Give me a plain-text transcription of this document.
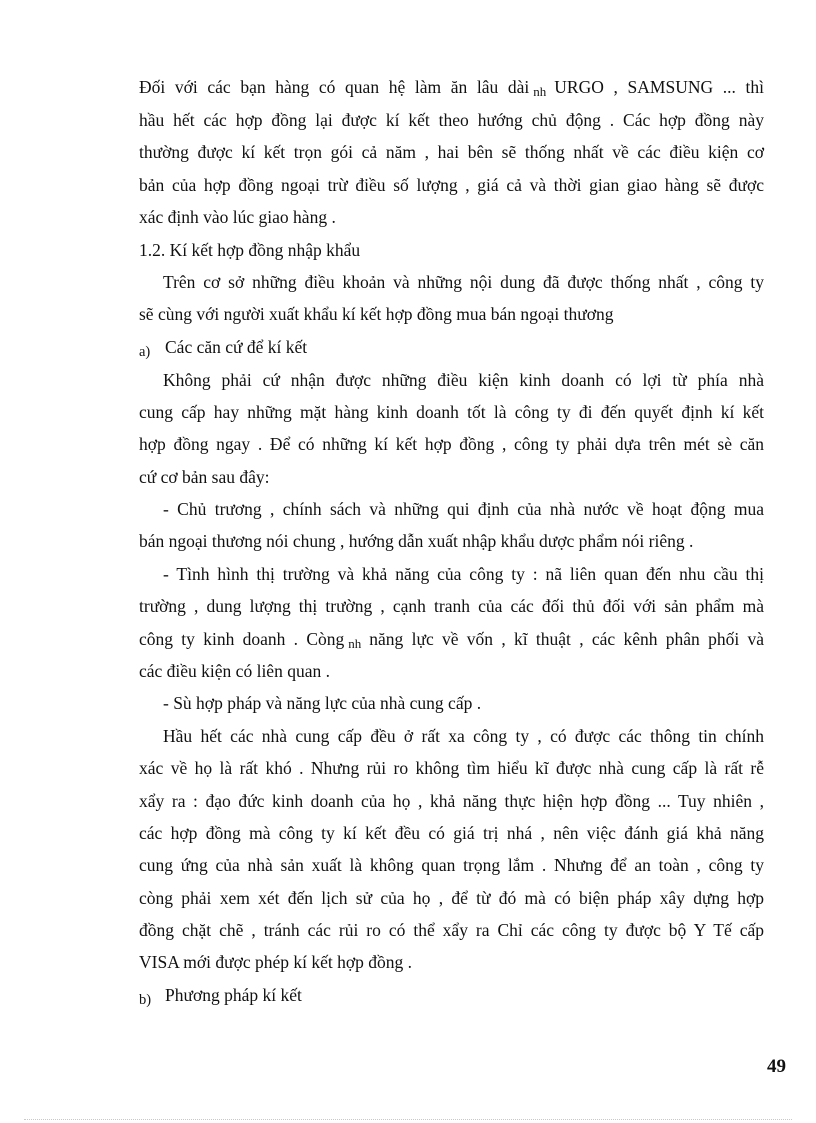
Đối với các bạn hàng có quan hệ làm ăn lâu dài nh URGO , SAMSUNG ... thì
hầu hết các hợp đồng lại được kí kết theo hướng chủ động . Các hợp đồng này
thường được kí kết trọn gói cả năm , hai bên sẽ thống nhất về các điều kiện cơ
bản của hợp đồng ngoại trừ điều số lượng , giá cả và thời gian giao hàng sẽ được
xác định vào lúc giao hàng .
1.2. Kí kết hợp đồng nhập khẩu
Trên cơ sở những điều khoản và những nội dung đã được thống nhất , công ty
sẽ cùng với người xuất khẩu kí kết hợp đồng mua bán ngoại thương
a) Các căn cứ để kí kết
Không phải cứ nhận được những điều kiện kinh doanh có lợi từ phía nhà
cung cấp hay những mặt hàng kinh doanh tốt là công ty đi đến quyết định kí kết
hợp đồng ngay . Để có những kí kết hợp đồng , công ty phải dựa trên mét sè căn
cứ cơ bản sau đây:
- Chủ trương , chính sách và những qui định của nhà nước về hoạt động mua
bán ngoại thương nói chung , hướng dẫn xuất nhập khẩu dược phẩm nói riêng .
- Tình hình thị trường và khả năng của công ty : nã liên quan đến nhu cầu thị
trường , dung lượng thị trường , cạnh tranh của các đối thủ đối với sản phẩm mà
công ty kinh doanh . Còng nh năng lực về vốn , kĩ thuật , các kênh phân phối và
các điều kiện có liên quan .
- Sù hợp pháp và năng lực của nhà cung cấp .
Hầu hết các nhà cung cấp đều ở rất xa công ty , có được các thông tin chính
xác về họ là rất khó . Nhưng rủi ro không tìm hiểu kĩ được nhà cung cấp là rất rễ
xẩy ra : đạo đức kinh doanh của họ , khả năng thực hiện hợp đồng ... Tuy nhiên ,
các hợp đồng mà công ty kí kết đều có giá trị nhá , nên việc đánh giá khả năng
cung ứng của nhà sản xuất là không quan trọng lắm . Nhưng để an toàn , công ty
còng phải xem xét đến lịch sử của họ , để từ đó mà có biện pháp xây dựng hợp
đồng chặt chẽ , tránh các rủi ro có thể xẩy ra Chỉ các công ty được bộ Y Tế cấp
VISA mới được phép kí kết hợp đồng .
b) Phương pháp kí kết
49
